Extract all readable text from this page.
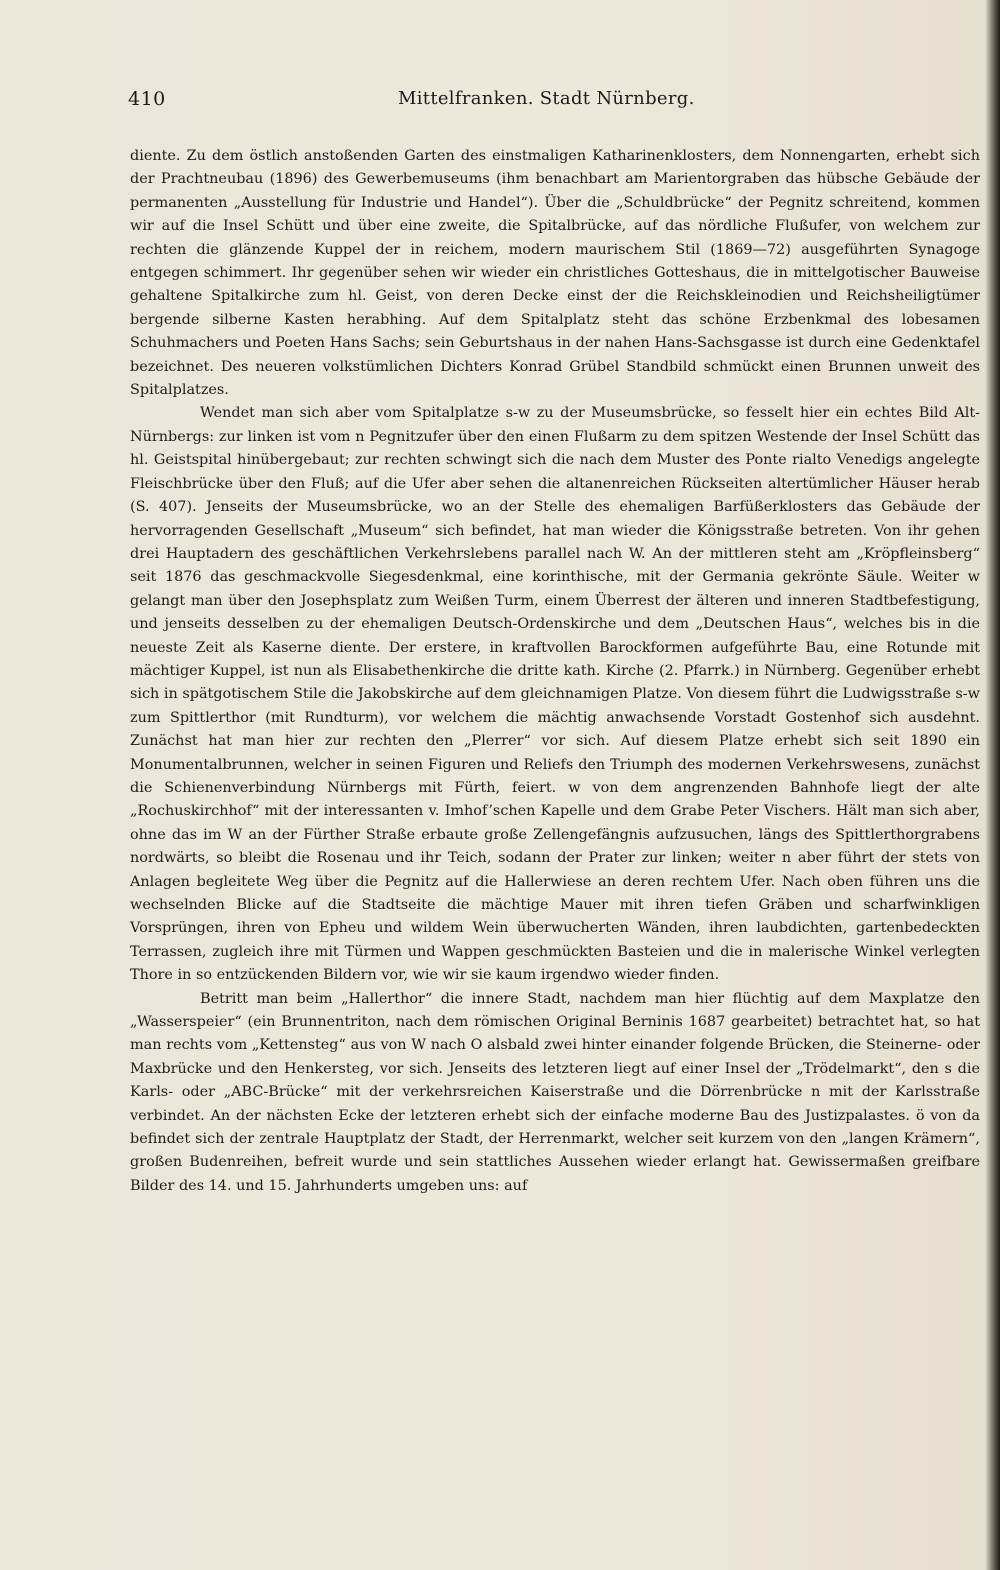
410	Mittelfranken. Stadt Nürnberg.

diente. Zu dem östlich anstoßenden Garten des einstmaligen Katharinenklosters, dem Nonnengarten, erhebt sich der Prachtneubau (1896) des Gewerbemuseums (ihm benachbart am Marientorgraben das hübsche Gebäude der permanenten „Ausstellung für Industrie und Handel“). Über die „Schuldbrücke“ der Pegnitz schreitend, kommen wir auf die Insel Schütt und über eine zweite, die Spitalbrücke, auf das nördliche Flußufer, von welchem zur rechten die glänzende Kuppel der in reichem, modern maurischem Stil (1869—72) ausgeführten Synagoge entgegen schimmert. Ihr gegenüber sehen wir wieder ein christliches Gotteshaus, die in mittelgotischer Bauweise gehaltene Spitalkirche zum hl. Geist, von deren Decke einst der die Reichskleinodien und Reichsheiligtümer bergende silberne Kasten herabhing. Auf dem Spitalplatz steht das schöne Erzbenkmal des lobesamen Schuhmachers und Poeten Hans Sachs; sein Geburtshaus in der nahen Hans-Sachsgasse ist durch eine Gedenktafel bezeichnet. Des neueren volkstümlichen Dichters Konrad Grübel Standbild schmückt einen Brunnen unweit des Spitalplatzes.

Wendet man sich aber vom Spitalplatze s-w zu der Museumsbrücke, so fesselt hier ein echtes Bild Alt-Nürnbergs: zur linken ist vom n Pegnitzufer über den einen Flußarm zu dem spitzen Westende der Insel Schütt das hl. Geistspital hinübergebaut; zur rechten schwingt sich die nach dem Muster des Ponte rialto Venedigs angelegte Fleischbrücke über den Fluß; auf die Ufer aber sehen die altanenreichen Rückseiten altertümlicher Häuser herab (S. 407). Jenseits der Museumsbrücke, wo an der Stelle des ehemaligen Barfüßerklosters das Gebäude der hervorragenden Gesellschaft „Museum“ sich befindet, hat man wieder die Königsstraße betreten. Von ihr gehen drei Hauptadern des geschäftlichen Verkehrslebens parallel nach W. An der mittleren steht am „Kröpfleinsberg“ seit 1876 das geschmackvolle Siegesdenkmal, eine korinthische, mit der Germania gekrönte Säule. Weiter w gelangt man über den Josephsplatz zum Weißen Turm, einem Überrest der älteren und inneren Stadtbefestigung, und jenseits desselben zu der ehemaligen Deutsch-Ordenskirche und dem „Deutschen Haus“, welches bis in die neueste Zeit als Kaserne diente. Der erstere, in kraftvollen Barockformen aufgeführte Bau, eine Rotunde mit mächtiger Kuppel, ist nun als Elisabethenkirche die dritte kath. Kirche (2. Pfarrk.) in Nürnberg. Gegenüber erhebt sich in spätgotischem Stile die Jakobskirche auf dem gleichnamigen Platze. Von diesem führt die Ludwigsstraße s-w zum Spittlerthor (mit Rundturm), vor welchem die mächtig anwachsende Vorstadt Gostenhof sich ausdehnt. Zunächst hat man hier zur rechten den „Plerrer“ vor sich. Auf diesem Platze erhebt sich seit 1890 ein Monumentalbrunnen, welcher in seinen Figuren und Reliefs den Triumph des modernen Verkehrswesens, zunächst die Schienenverbindung Nürnbergs mit Fürth, feiert. w von dem angrenzenden Bahnhofe liegt der alte „Rochuskirchhof“ mit der interessanten v. Imhof’schen Kapelle und dem Grabe Peter Vischers. Hält man sich aber, ohne das im W an der Fürther Straße erbaute große Zellengefängnis aufzusuchen, längs des Spittlerthorgrabens nordwärts, so bleibt die Rosenau und ihr Teich, sodann der Prater zur linken; weiter n aber führt der stets von Anlagen begleitete Weg über die Pegnitz auf die Hallerwiese an deren rechtem Ufer. Nach oben führen uns die wechselnden Blicke auf die Stadtseite die mächtige Mauer mit ihren tiefen Gräben und scharfwinkligen Vorsprüngen, ihren von Epheu und wildem Wein überwucherten Wänden, ihren laubdichten, gartenbedeckten Terrassen, zugleich ihre mit Türmen und Wappen geschmückten Basteien und die in malerische Winkel verlegten Thore in so entzückenden Bildern vor, wie wir sie kaum irgendwo wieder finden.

Betritt man beim „Hallerthor“ die innere Stadt, nachdem man hier flüchtig auf dem Maxplatze den „Wasserspeier“ (ein Brunnentriton, nach dem römischen Original Berninis 1687 gearbeitet) betrachtet hat, so hat man rechts vom „Kettensteg“ aus von W nach O alsbald zwei hinter einander folgende Brücken, die Steinerne- oder Maxbrücke und den Henkersteg, vor sich. Jenseits des letzteren liegt auf einer Insel der „Trödelmarkt“, den s die Karls- oder „ABC-Brücke“ mit der verkehrsreichen Kaiserstraße und die Dörrenbrücke n mit der Karlsstraße verbindet. An der nächsten Ecke der letzteren erhebt sich der einfache moderne Bau des Justizpalastes. ö von da befindet sich der zentrale Hauptplatz der Stadt, der Herrenmarkt, welcher seit kurzem von den „langen Krämern“, großen Budenreihen, befreit wurde und sein stattliches Aussehen wieder erlangt hat. Gewissermaßen greifbare Bilder des 14. und 15. Jahrhunderts umgeben uns: auf
